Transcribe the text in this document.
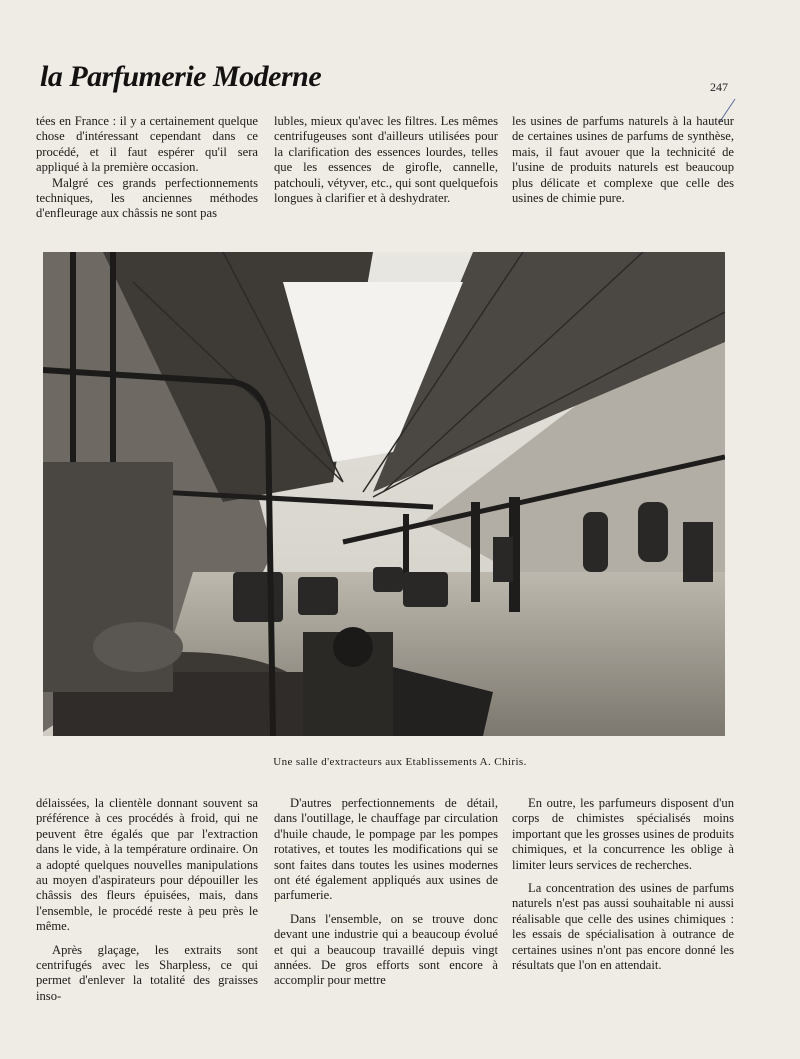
la Parfumerie Moderne	247

tées en France : il y a certainement quelque chose d'intéressant cependant dans ce procédé, et il faut espérer qu'il sera appliqué à la première occasion.

Malgré ces grands perfectionnements techniques, les anciennes méthodes d'enfleurage aux châssis ne sont pas

lubles, mieux qu'avec les filtres. Les mêmes centrifugeuses sont d'ailleurs utilisées pour la clarification des essences lourdes, telles que les essences de girofle, cannelle, patchouli, vétyver, etc., qui sont quelquefois longues à clarifier et à deshydrater.

les usines de parfums naturels à la hauteur de certaines usines de parfums de synthèse, mais, il faut avouer que la technicité de l'usine de produits naturels est beaucoup plus délicate et complexe que celle des usines de chimie pure.

Une salle d'extracteurs aux Etablissements A. Chiris.

délaissées, la clientèle donnant souvent sa préférence à ces procédés à froid, qui ne peuvent être égalés que par l'extraction dans le vide, à la température ordinaire. On a adopté quelques nouvelles manipulations au moyen d'aspirateurs pour dépouiller les châssis des fleurs épuisées, mais, dans l'ensemble, le procédé reste à peu près le même.

Après glaçage, les extraits sont centrifugés avec les Sharpless, ce qui permet d'enlever la totalité des graisses inso-

D'autres perfectionnements de détail, dans l'outillage, le chauffage par circulation d'huile chaude, le pompage par les pompes rotatives, et toutes les modifications qui se sont faites dans toutes les usines modernes ont été également appliqués aux usines de parfumerie.

Dans l'ensemble, on se trouve donc devant une industrie qui a beaucoup évolué et qui a beaucoup travaillé depuis vingt années. De gros efforts sont encore à accomplir pour mettre

En outre, les parfumeurs disposent d'un corps de chimistes spécialisés moins important que les grosses usines de produits chimiques, et la concurrence les oblige à limiter leurs services de recherches.

La concentration des usines de parfums naturels n'est pas aussi souhaitable ni aussi réalisable que celle des usines chimiques : les essais de spécialisation à outrance de certaines usines n'ont pas encore donné les résultats que l'on en attendait.
